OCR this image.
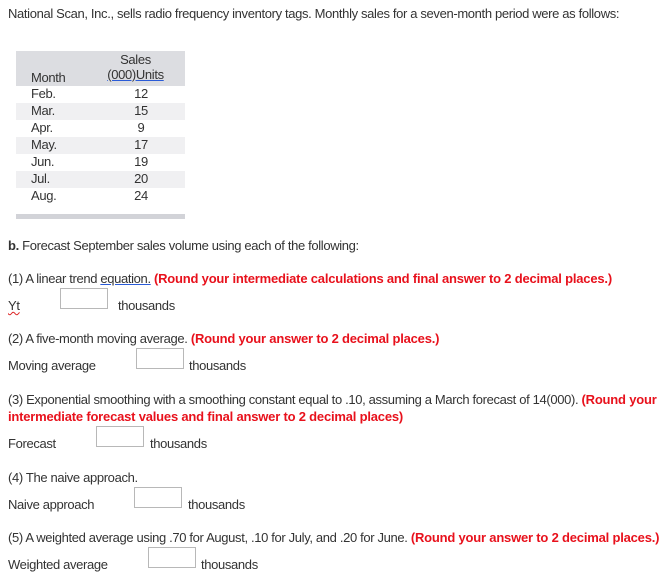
National Scan, Inc., sells radio frequency inventory tags. Monthly sales for a seven-month period were as follows:
Month
Sales
(000)Units
Feb.	12
Mar.	15
Apr.	9
May.	17
Jun.	19
Jul.	20
Aug.	24
b. Forecast September sales volume using each of the following:
(1) A linear trend equation. (Round your intermediate calculations and final answer to 2 decimal places.)
Yt	thousands
(2) A five-month moving average. (Round your answer to 2 decimal places.)
Moving average	thousands
(3) Exponential smoothing with a smoothing constant equal to .10, assuming a March forecast of 14(000). (Round your
intermediate forecast values and final answer to 2 decimal places)
Forecast	thousands
(4) The naive approach.
Naive approach	thousands
(5) A weighted average using .70 for August, .10 for July, and .20 for June. (Round your answer to 2 decimal places.)
Weighted average	thousands
